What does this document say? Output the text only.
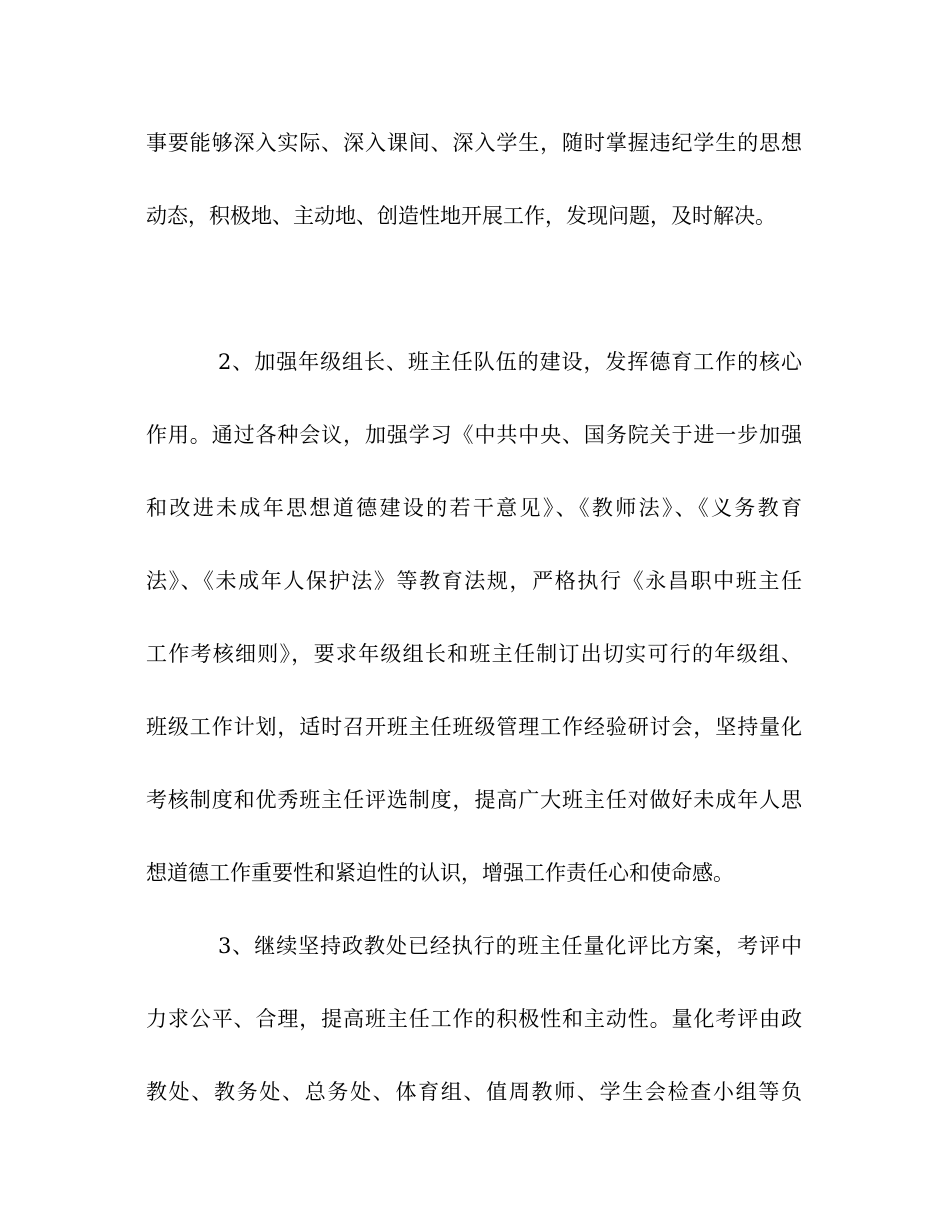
事要能够深入实际、深入课间、深入学生，随时掌握违纪学生的思想
动态，积极地、主动地、创造性地开展工作，发现问题，及时解决。
2、加强年级组长、班主任队伍的建设，发挥德育工作的核心
作用。通过各种会议，加强学习《中共中央、国务院关于进一步加强
和改进未成年思想道德建设的若干意见》、《教师法》、《义务教育
法》、《未成年人保护法》等教育法规，严格执行《永昌职中班主任
工作考核细则》，要求年级组长和班主任制订出切实可行的年级组、
班级工作计划，适时召开班主任班级管理工作经验研讨会，坚持量化
考核制度和优秀班主任评选制度，提高广大班主任对做好未成年人思
想道德工作重要性和紧迫性的认识，增强工作责任心和使命感。
3、继续坚持政教处已经执行的班主任量化评比方案，考评中
力求公平、合理，提高班主任工作的积极性和主动性。量化考评由政
教处、教务处、总务处、体育组、值周教师、学生会检查小组等负
